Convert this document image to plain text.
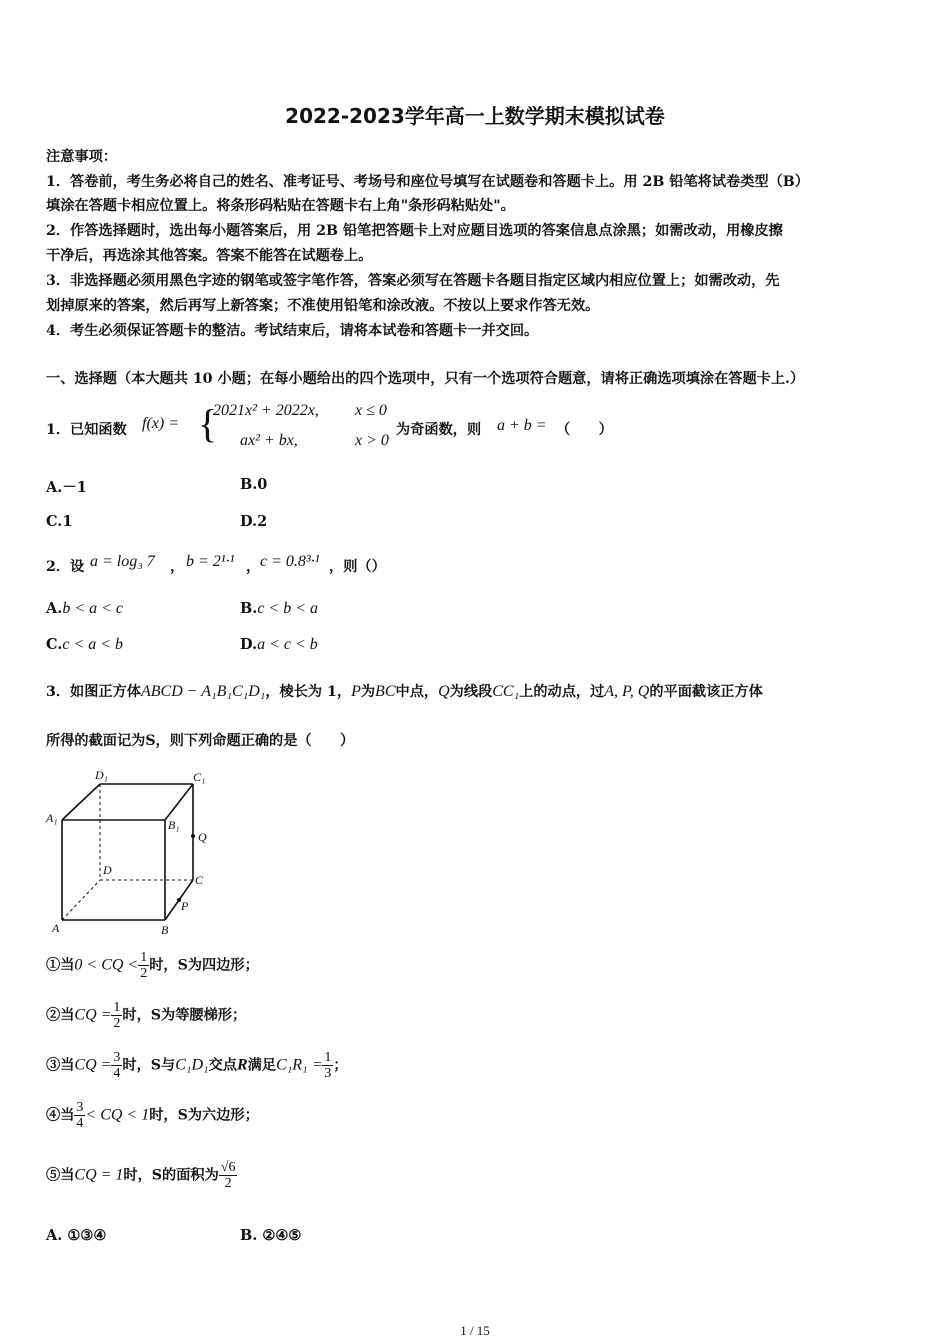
2022-2023学年高一上数学期末模拟试卷
注意事项：
1．答卷前，考生务必将自己的姓名、准考证号、考场号和座位号填写在试题卷和答题卡上。用 2B 铅笔将试卷类型（B）
填涂在答题卡相应位置上。将条形码粘贴在答题卡右上角"条形码粘贴处"。
2．作答选择题时，选出每小题答案后，用 2B 铅笔把答题卡上对应题目选项的答案信息点涂黑；如需改动，用橡皮擦
干净后，再选涂其他答案。答案不能答在试题卷上。
3．非选择题必须用黑色字迹的钢笔或签字笔作答，答案必须写在答题卡各题目指定区域内相应位置上；如需改动，先
划掉原来的答案，然后再写上新答案；不准使用铅笔和涂改液。不按以上要求作答无效。
4．考生必须保证答题卡的整洁。考试结束后，请将本试卷和答题卡一并交回。
一、选择题（本大题共 10 小题；在每小题给出的四个选项中，只有一个选项符合题意，请将正确选项填涂在答题卡上.）
1．已知函数 f(x) = {
2021x² + 2022x, x ≤ 0
ax² + bx,	x > 0
为奇函数，则 a + b = （　　）
A.－1	B.0
C.1	D.2
2．设 a = log₃ 7 ， b = 2¹·¹ ， c = 0.8³·¹ ，则（）
A.b < a < c	B.c < b < a
C.c < a < b	D.a < c < b
3．如图正方体ABCD − A₁B₁C₁D₁，棱长为 1，P为BC中点，Q为线段CC₁上的动点，过A, P, Q的平面截该正方体
所得的截面记为S，则下列命题正确的是（　　）
D₁	C₁
A₁	B₁
Q
D
C
A	B
P
①当0 < CQ < $\frac{1}{2}$ 时，S为四边形；
②当CQ = $\frac{1}{2}$ 时，S为等腰梯形；
③当CQ = $\frac{3}{4}$ 时，S与C₁D₁交点R满足$C_1R_1 = \frac{1}{3}$ ；
④当 $\frac{3}{4}$ < CQ < 1时，S为六边形；
⑤当CQ = 1时，S的面积为 $\frac{√6}{2}$
A. ①③④	B. ②④⑤
1 / 15
